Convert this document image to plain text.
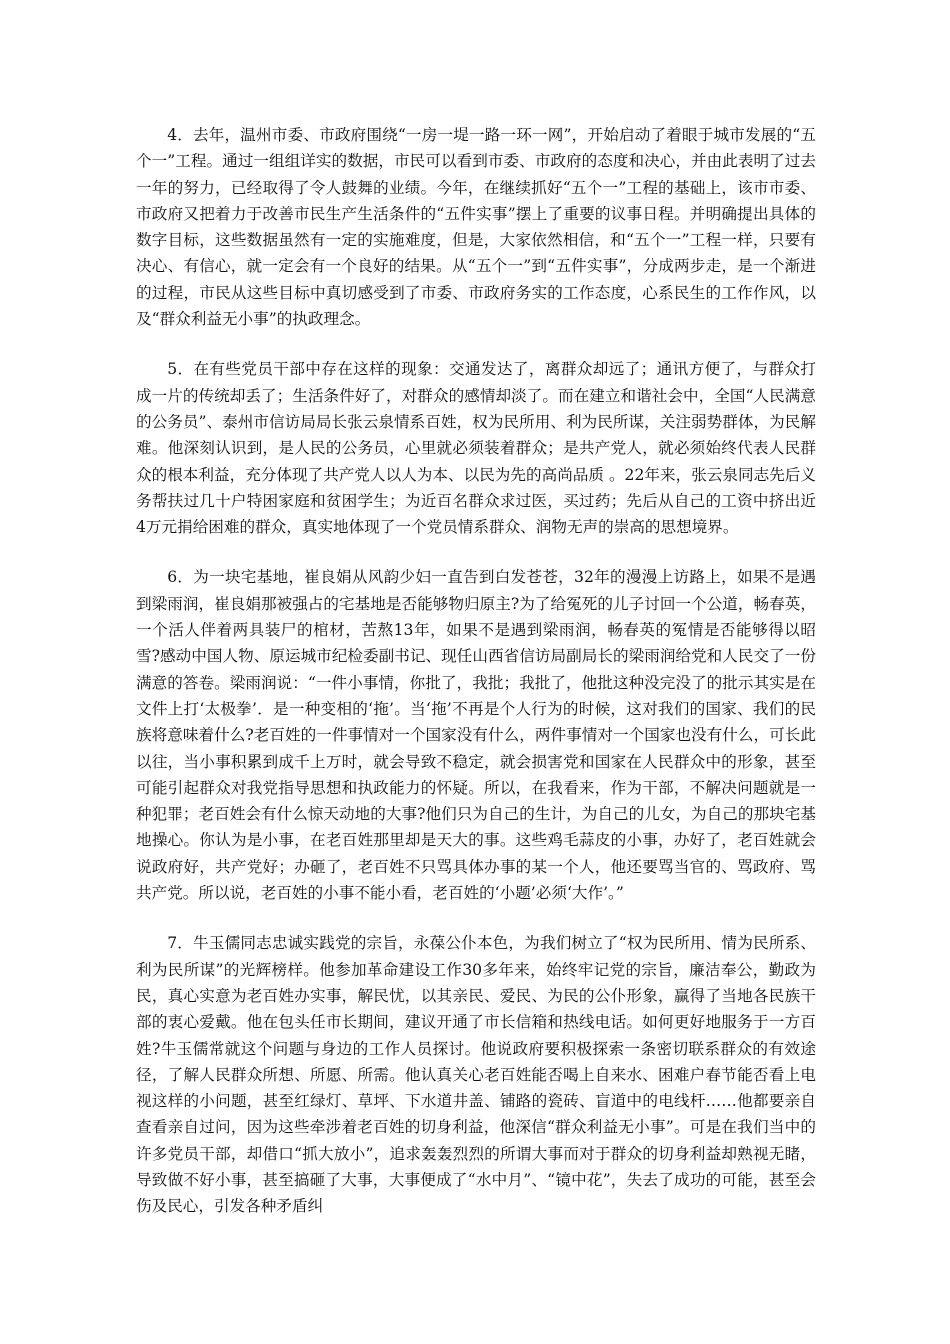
4．去年，温州市委、市政府围绕“一房一堤一路一环一网”，开始启动了着眼于城市发展的“五个一”工程。通过一组组详实的数据，市民可以看到市委、市政府的态度和决心，并由此表明了过去一年的努力，已经取得了令人鼓舞的业绩。今年，在继续抓好“五个一”工程的基础上，该市市委、市政府又把着力于改善市民生产生活条件的“五件实事”摆上了重要的议事日程。并明确提出具体的数字目标，这些数据虽然有一定的实施难度，但是，大家依然相信，和“五个一”工程一样，只要有决心、有信心，就一定会有一个良好的结果。从“五个一”到“五件实事”，分成两步走，是一个渐进的过程，市民从这些目标中真切感受到了市委、市政府务实的工作态度，心系民生的工作作风，以及“群众利益无小事”的执政理念。

5．在有些党员干部中存在这样的现象：交通发达了，离群众却远了；通讯方便了，与群众打成一片的传统却丢了；生活条件好了，对群众的感情却淡了。而在建立和谐社会中，全国“人民满意的公务员”、泰州市信访局局长张云泉情系百姓，权为民所用、利为民所谋，关注弱势群体，为民解难。他深刻认识到，是人民的公务员，心里就必须装着群众；是共产党人，就必须始终代表人民群众的根本利益，充分体现了共产党人以人为本、以民为先的高尚品质 。22年来，张云泉同志先后义务帮扶过几十户特困家庭和贫困学生；为近百名群众求过医，买过药；先后从自己的工资中挤出近4万元捐给困难的群众，真实地体现了一个党员情系群众、润物无声的崇高的思想境界。

6．为一块宅基地，崔良娟从风韵少妇一直告到白发苍苍，32年的漫漫上访路上，如果不是遇到梁雨润，崔良娟那被强占的宅基地是否能够物归原主?为了给冤死的儿子讨回一个公道，畅春英，一个活人伴着两具装尸的棺材，苦熬13年，如果不是遇到梁雨润，畅春英的冤情是否能够得以昭雪?感动中国人物、原运城市纪检委副书记、现任山西省信访局副局长的梁雨润给党和人民交了一份满意的答卷。梁雨润说：“一件小事情，你批了，我批；我批了，他批这种没完没了的批示其实是在文件上打‘太极拳’．是一种变相的‘拖’。当‘拖’不再是个人行为的时候，这对我们的国家、我们的民族将意味着什么?老百姓的一件事情对一个国家没有什么，两件事情对一个国家也没有什么，可长此以往，当小事积累到成千上万时，就会导致不稳定，就会损害党和国家在人民群众中的形象，甚至可能引起群众对我党指导思想和执政能力的怀疑。所以，在我看来，作为干部，不解决问题就是一种犯罪；老百姓会有什么惊天动地的大事?他们只为自己的生计，为自己的儿女，为自己的那块宅基地操心。你认为是小事，在老百姓那里却是天大的事。这些鸡毛蒜皮的小事，办好了，老百姓就会说政府好，共产党好；办砸了，老百姓不只骂具体办事的某一个人，他还要骂当官的、骂政府、骂共产党。所以说，老百姓的小事不能小看，老百姓的‘小题’必须‘大作’。”

7．牛玉儒同志忠诚实践党的宗旨，永葆公仆本色，为我们树立了“权为民所用、情为民所系、利为民所谋”的光辉榜样。他参加革命建设工作30多年来，始终牢记党的宗旨，廉洁奉公，勤政为民，真心实意为老百姓办实事，解民忧，以其亲民、爱民、为民的公仆形象，赢得了当地各民族干部的衷心爱戴。他在包头任市长期间，建议开通了市长信箱和热线电话。如何更好地服务于一方百姓?牛玉儒常就这个问题与身边的工作人员探讨。他说政府要积极探索一条密切联系群众的有效途径，了解人民群众所想、所愿、所需。他认真关心老百姓能否喝上自来水、困难户春节能否看上电视这样的小问题，甚至红绿灯、草坪、下水道井盖、铺路的瓷砖、盲道中的电线杆……他都要亲自查看亲自过问，因为这些牵涉着老百姓的切身利益，他深信“群众利益无小事”。可是在我们当中的许多党员干部，却借口“抓大放小”，追求轰轰烈烈的所谓大事而对于群众的切身利益却熟视无睹，导致做不好小事，甚至搞砸了大事，大事便成了“水中月”、“镜中花”，失去了成功的可能，甚至会伤及民心，引发各种矛盾纠
